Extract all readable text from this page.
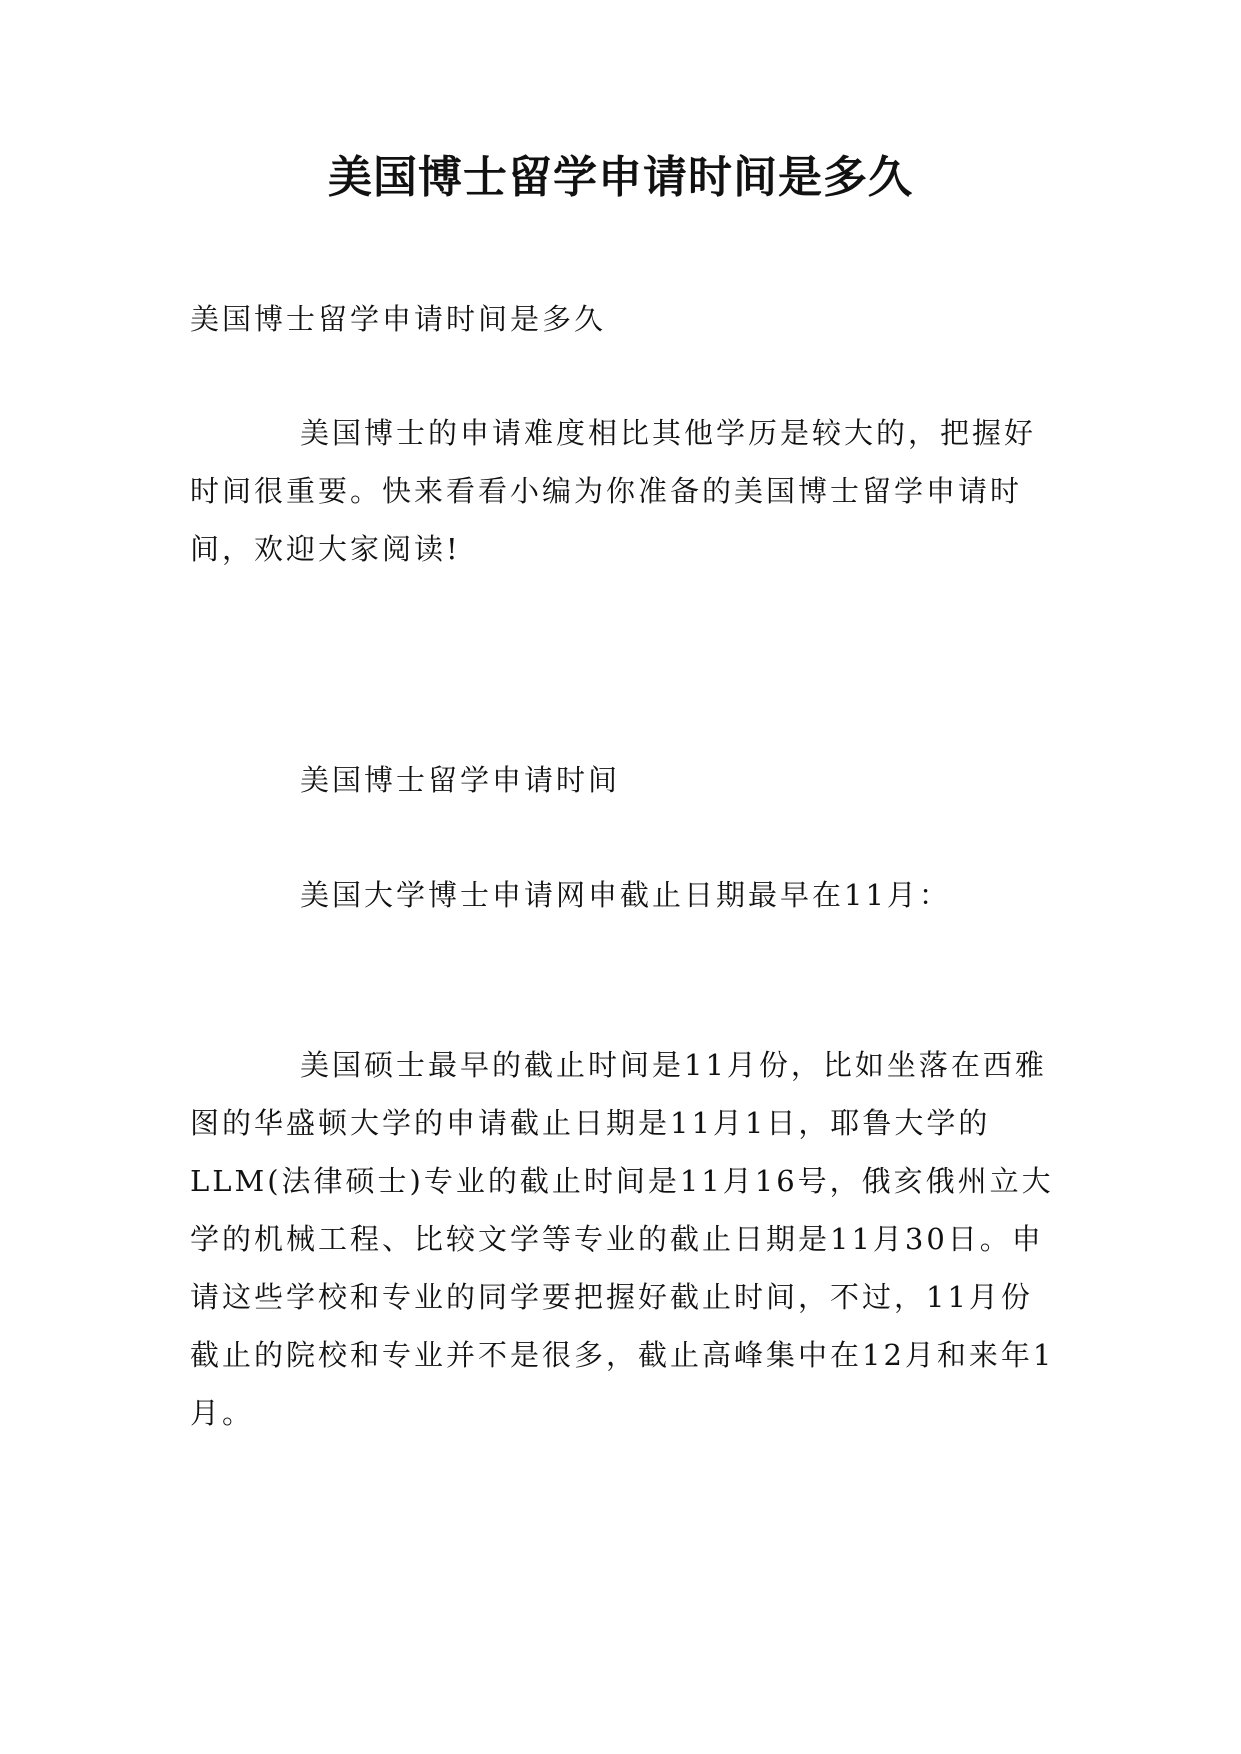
美国博士留学申请时间是多久

美国博士留学申请时间是多久

美国博士的申请难度相比其他学历是较大的，把握好时间很重要。快来看看小编为你准备的美国博士留学申请时间，欢迎大家阅读!

美国博士留学申请时间

美国大学博士申请网申截止日期最早在11月：

美国硕士最早的截止时间是11月份，比如坐落在西雅图的华盛顿大学的申请截止日期是11月1日，耶鲁大学的LLM(法律硕士)专业的截止时间是11月16号，俄亥俄州立大学的机械工程、比较文学等专业的截止日期是11月30日。申请这些学校和专业的同学要把握好截止时间，不过，11月份截止的院校和专业并不是很多，截止高峰集中在12月和来年1月。
